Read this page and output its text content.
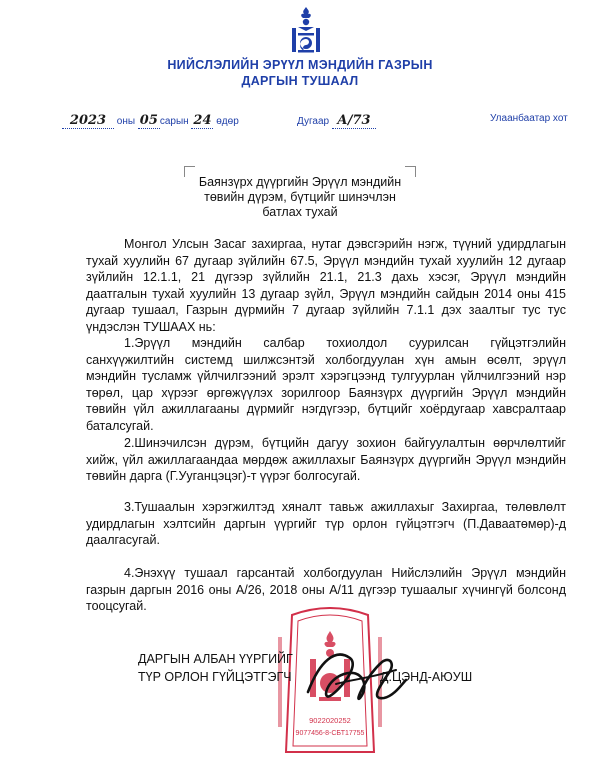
НИЙСЛЭЛИЙН ЭРҮҮЛ МЭНДИЙН ГАЗРЫН
ДАРГЫН ТУШААЛ
2023 оны 05 сарын 24 өдөр	Дугаар А/73	Улаанбаатар хот
Баянзүрх дүүргийн Эрүүл мэндийн
төвийн дүрэм, бүтцийг шинэчлэн
батлах тухай

Монгол Улсын Засаг захиргаа, нутаг дэвсгэрийн нэгж, түүний удирдлагын тухай хуулийн 67 дугаар зүйлийн 67.5, Эрүүл мэндийн тухай хуулийн 12 дугаар зүйлийн 12.1.1, 21 дүгээр зүйлийн 21.1, 21.3 дахь хэсэг, Эрүүл мэндийн даатгалын тухай хуулийн 13 дугаар зүйл, Эрүүл мэндийн сайдын 2014 оны 415 дугаар тушаал, Газрын дүрмийн 7 дугаар зүйлийн 7.1.1 дэх заалтыг тус тус үндэслэн ТУШААХ нь:

1.Эрүүл мэндийн салбар тохиолдол суурилсан гүйцэтгэлийн санхүүжилтийн системд шилжсэнтэй холбогдуулан хүн амын өсөлт, эрүүл мэндийн тусламж үйлчилгээний эрэлт хэрэгцээнд тулгуурлан үйлчилгээний нэр төрөл, цар хүрээг өргөжүүлэх зорилгоор Баянзүрх дүүргийн Эрүүл мэндийн төвийн үйл ажиллагааны дүрмийг нэгдүгээр, бүтцийг хоёрдугаар хавсралтаар баталсугай.

2.Шинэчилсэн дүрэм, бүтцийн дагуу зохион байгуулалтын өөрчлөлтийг хийж, үйл ажиллагаандаа мөрдөж ажиллахыг Баянзүрх дүүргийн Эрүүл мэндийн төвийн дарга (Г.Ууганцэцэг)-т үүрэг болгосугай.

3.Тушаалын хэрэгжилтэд хяналт тавьж ажиллахыг Захиргаа, төлөвлөлт удирдлагын хэлтсийн даргын үүргийг түр орлон гүйцэтгэгч (П.Даваатөмөр)-д даалгасугай.

4.Энэхүү тушаал гарсантай холбогдуулан Нийслэлийн Эрүүл мэндийн газрын даргын 2016 оны А/26, 2018 оны А/11 дүгээр тушаалыг хүчингүй болсонд тооцсугай.

9022020252
9077456-8-СБТ17755
ДАРГЫН АЛБАН ҮҮРГИЙГ
ТҮР ОРЛОН ГҮЙЦЭТГЭГЧ	Д.ЦЭНД-АЮУШ
